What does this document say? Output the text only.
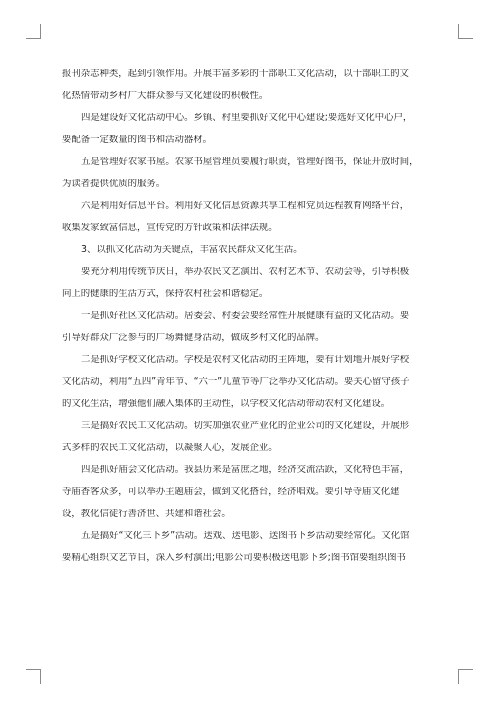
报刊杂志种类，起到引领作用。开展丰富多彩的干部职工文化活动，以干部职工的文
化热情带动乡村广大群众参与文化建设的积极性。
四是建设好文化活动中心。乡镇、村里要抓好文化中心建设;要选好文化中心户，
要配备一定数量的图书和活动器材。
五是管理好农家书屋。农家书屋管理员要履行职责，管理好图书，保证开放时间，
为读者提供优质的服务。
六是利用好信息平台。利用好文化信息资源共享工程和党员远程教育网络平台，
收集发家致富信息，宣传党的方针政策和法律法规。
3、以抓文化活动为关键点，丰富农民群众文化生活。
要充分利用传统节庆日，举办农民文艺演出、农村艺术节、农动会等，引导积极
向上的健康的生活方式，保持农村社会和谐稳定。
一是抓好社区文化活动。居委会、村委会要经常性开展健康有益的文化活动。要
引导好群众广泛参与的广场舞健身活动，做成乡村文化的品牌。
二是抓好学校文化活动。学校是农村文化活动的主阵地，要有计划地开展好学校
文化活动，利用“五四”青年节、“六一”儿童节等广泛举办文化活动。要关心留守孩子
的文化生活，增强他们融入集体的主动性，以学校文化活动带动农村文化建设。
三是搞好农民工文化活动。切实加强农业产业化的企业公司的文化建设，开展形
式多样的农民工文化活动，以凝聚人心，发展企业。
四是抓好庙会文化活动。我县历来是富庶之地，经济交流活跃，文化特色丰富，
寺庙香客众多，可以举办主题庙会，做到文化搭台，经济唱戏。要引导寺庙文化建
设，教化信徒行善济世、共建和谐社会。
五是搞好“文化三下乡”活动。送戏、送电影、送图书下乡活动要经常化。文化馆
要精心组织文艺节目，深入乡村演出;电影公司要积极送电影下乡;图书馆要组织图书
